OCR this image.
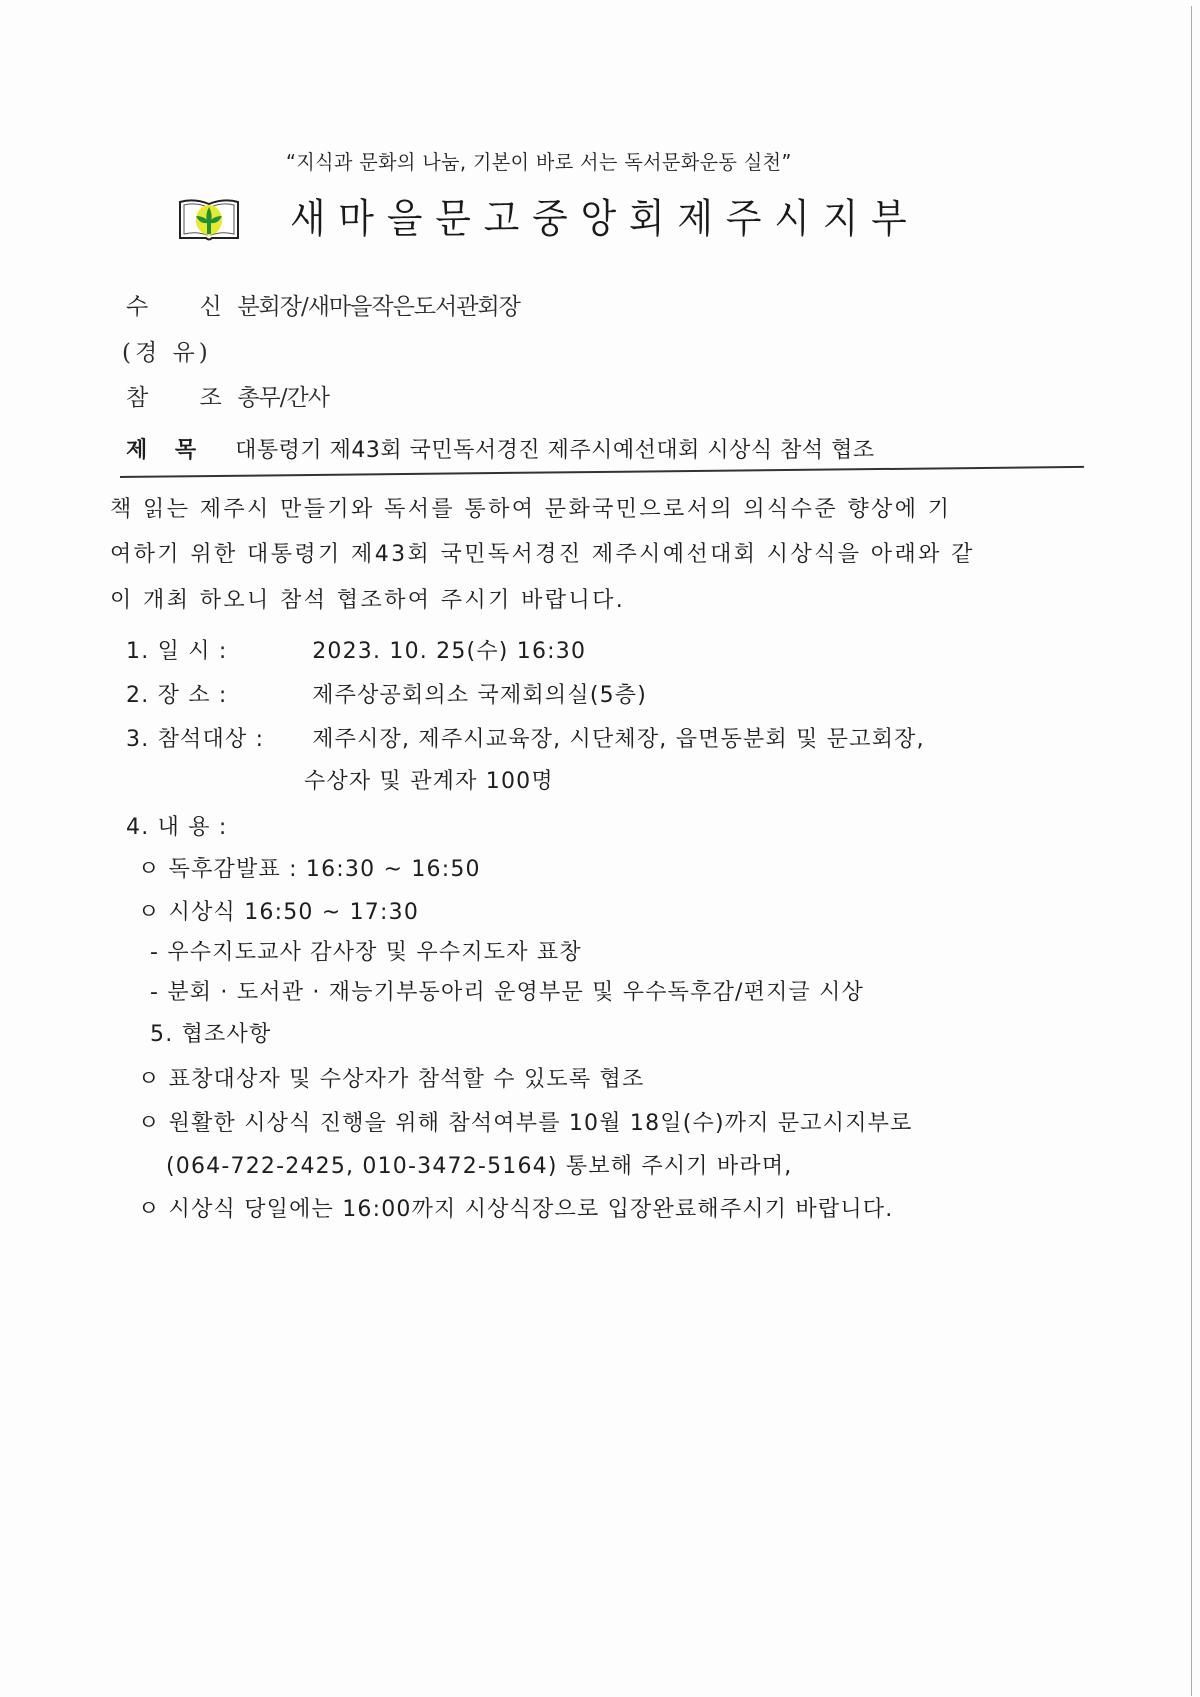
“지식과 문화의 나눔, 기본이 바로 서는 독서문화운동 실천”
새마을문고중앙회제주시지부
수 신 분회장/새마을작은도서관회장
(경 유)
참 조 총무/간사
제 목 대통령기 제43회 국민독서경진 제주시예선대회 시상식 참석 협조
책 읽는 제주시 만들기와 독서를 통하여 문화국민으로서의 의식수준 향상에 기
여하기 위한 대통령기 제43회 국민독서경진 제주시예선대회 시상식을 아래와 같
이 개최 하오니 참석 협조하여 주시기 바랍니다.
1. 일 시 :	2023. 10. 25(수) 16:30
2. 장 소 :	제주상공회의소 국제회의실(5층)
3. 참석대상 : 제주시장, 제주시교육장, 시단체장, 읍면동분회 및 문고회장,
수상자 및 관계자 100명
4. 내 용 :
ㅇ 독후감발표 : 16:30 ~ 16:50
ㅇ 시상식 16:50 ~ 17:30
- 우수지도교사 감사장 및 우수지도자 표창
- 분회 · 도서관 · 재능기부동아리 운영부문 및 우수독후감/편지글 시상
5. 협조사항
ㅇ 표창대상자 및 수상자가 참석할 수 있도록 협조
ㅇ 원활한 시상식 진행을 위해 참석여부를 10월 18일(수)까지 문고시지부로
(064-722-2425, 010-3472-5164) 통보해 주시기 바라며,
ㅇ 시상식 당일에는 16:00까지 시상식장으로 입장완료해주시기 바랍니다.
